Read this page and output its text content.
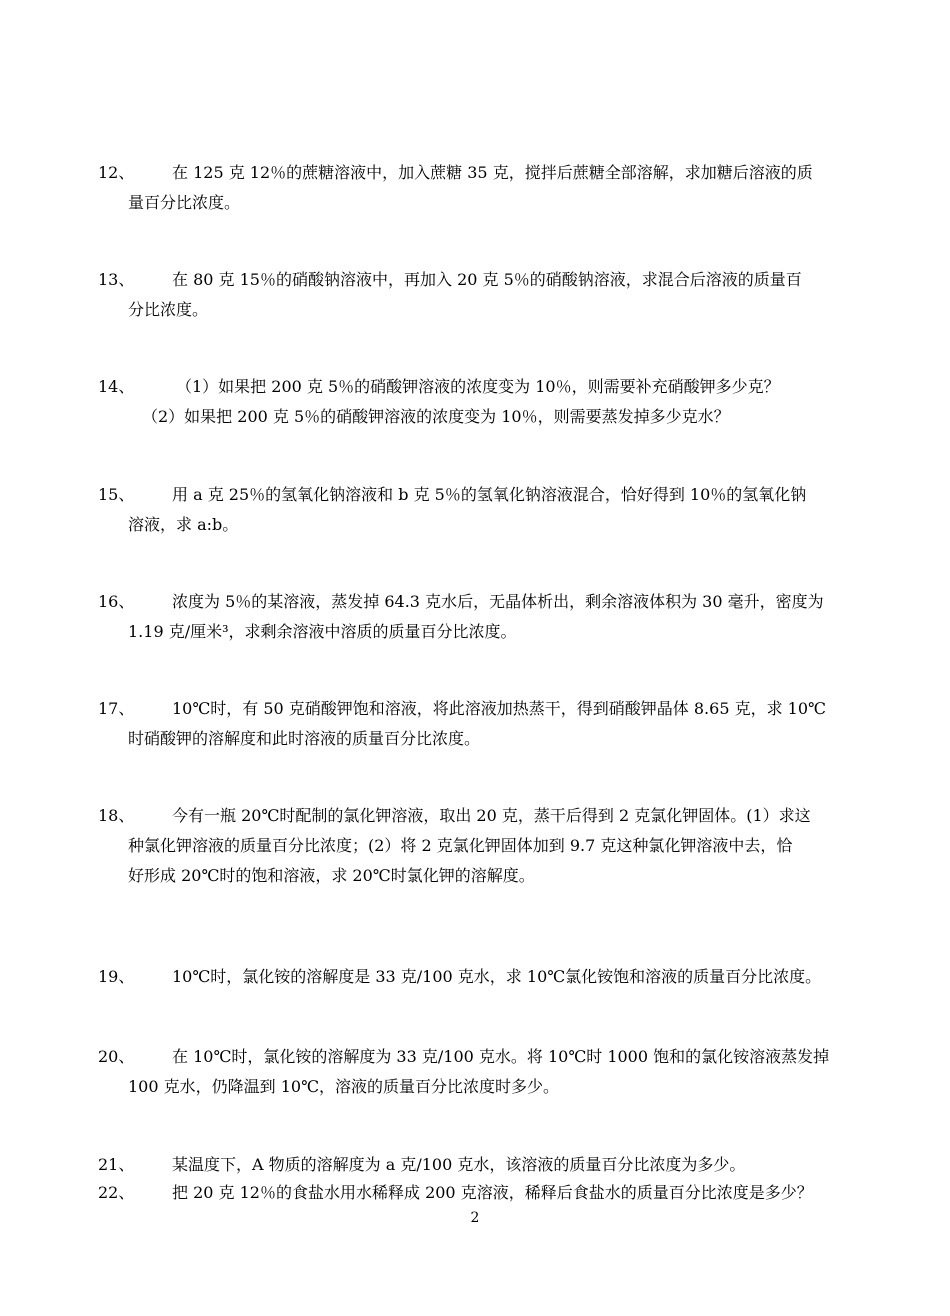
12、	在 125 克 12％的蔗糖溶液中，加入蔗糖 35 克，搅拌后蔗糖全部溶解，求加糖后溶液的质
量百分比浓度。
13、	在 80 克 15％的硝酸钠溶液中，再加入 20 克 5％的硝酸钠溶液，求混合后溶液的质量百
分比浓度。
14、	（1）如果把 200 克 5％的硝酸钾溶液的浓度变为 10％，则需要补充硝酸钾多少克？
（2）如果把 200 克 5％的硝酸钾溶液的浓度变为 10％，则需要蒸发掉多少克水？
15、	用 a 克 25％的氢氧化钠溶液和 b 克 5％的氢氧化钠溶液混合，恰好得到 10％的氢氧化钠
溶液，求 a:b。
16、	浓度为 5％的某溶液，蒸发掉 64.3 克水后，无晶体析出，剩余溶液体积为 30 毫升，密度为
1.19 克/厘米³，求剩余溶液中溶质的质量百分比浓度。
17、	10℃时，有 50 克硝酸钾饱和溶液，将此溶液加热蒸干，得到硝酸钾晶体 8.65 克，求 10℃
时硝酸钾的溶解度和此时溶液的质量百分比浓度。
18、	今有一瓶 20℃时配制的氯化钾溶液，取出 20 克，蒸干后得到 2 克氯化钾固体。(1）求这
种氯化钾溶液的质量百分比浓度；(2）将 2 克氯化钾固体加到 9.7 克这种氯化钾溶液中去，恰
好形成 20℃时的饱和溶液，求 20℃时氯化钾的溶解度。
19、	10℃时，氯化铵的溶解度是 33 克/100 克水，求 10℃氯化铵饱和溶液的质量百分比浓度。
20、	在 10℃时，氯化铵的溶解度为 33 克/100 克水。将 10℃时 1000 饱和的氯化铵溶液蒸发掉
100 克水，仍降温到 10℃，溶液的质量百分比浓度时多少。
21、	某温度下，A 物质的溶解度为 a 克/100 克水，该溶液的质量百分比浓度为多少。
22、	把 20 克 12％的食盐水用水稀释成 200 克溶液，稀释后食盐水的质量百分比浓度是多少？
2
